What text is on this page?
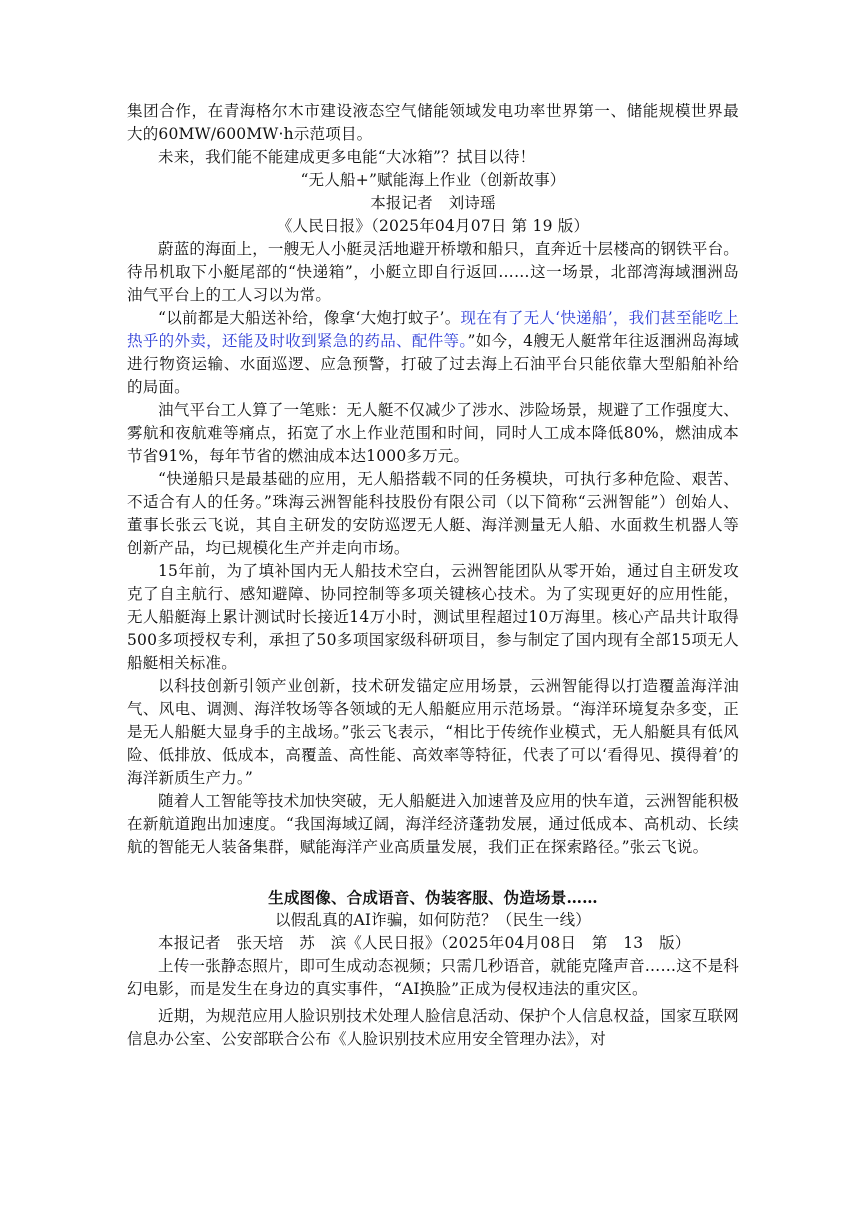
集团合作，在青海格尔木市建设液态空气储能领域发电功率世界第一、储能规模世界最大的60MW/600MW·h示范项目。

未来，我们能不能建成更多电能“大冰箱”？拭目以待！

“无人船+”赋能海上作业（创新故事）

本报记者　刘诗瑶

《人民日报》（2025年04月07日 第 19 版）

蔚蓝的海面上，一艘无人小艇灵活地避开桥墩和船只，直奔近十层楼高的钢铁平台。待吊机取下小艇尾部的“快递箱”，小艇立即自行返回……这一场景，北部湾海域涠洲岛油气平台上的工人习以为常。

“以前都是大船送补给，像拿‘大炮打蚊子’。现在有了无人‘快递船’，我们甚至能吃上热乎的外卖，还能及时收到紧急的药品、配件等。”如今，4艘无人艇常年往返涠洲岛海域进行物资运输、水面巡逻、应急预警，打破了过去海上石油平台只能依靠大型船舶补给的局面。

油气平台工人算了一笔账：无人艇不仅减少了涉水、涉险场景，规避了工作强度大、雾航和夜航难等痛点，拓宽了水上作业范围和时间，同时人工成本降低80%，燃油成本节省91%，每年节省的燃油成本达1000多万元。

“快递船只是最基础的应用，无人船搭载不同的任务模块，可执行多种危险、艰苦、不适合有人的任务。”珠海云洲智能科技股份有限公司（以下简称“云洲智能”）创始人、董事长张云飞说，其自主研发的安防巡逻无人艇、海洋测量无人船、水面救生机器人等创新产品，均已规模化生产并走向市场。

15年前，为了填补国内无人船技术空白，云洲智能团队从零开始，通过自主研发攻克了自主航行、感知避障、协同控制等多项关键核心技术。为了实现更好的应用性能，无人船艇海上累计测试时长接近14万小时，测试里程超过10万海里。核心产品共计取得500多项授权专利，承担了50多项国家级科研项目，参与制定了国内现有全部15项无人船艇相关标准。

以科技创新引领产业创新，技术研发锚定应用场景，云洲智能得以打造覆盖海洋油气、风电、调测、海洋牧场等各领域的无人船艇应用示范场景。“海洋环境复杂多变，正是无人船艇大显身手的主战场。”张云飞表示，“相比于传统作业模式，无人船艇具有低风险、低排放、低成本，高覆盖、高性能、高效率等特征，代表了可以‘看得见、摸得着’的海洋新质生产力。”

随着人工智能等技术加快突破，无人船艇进入加速普及应用的快车道，云洲智能积极在新航道跑出加速度。“我国海域辽阔，海洋经济蓬勃发展，通过低成本、高机动、长续航的智能无人装备集群，赋能海洋产业高质量发展，我们正在探索路径。”张云飞说。

生成图像、合成语音、伪装客服、伪造场景……

以假乱真的AI诈骗，如何防范？（民生一线）

本报记者　张天培　苏　滨《人民日报》（2025年04月08日　第　13　版）

上传一张静态照片，即可生成动态视频；只需几秒语音，就能克隆声音……这不是科幻电影，而是发生在身边的真实事件，“AI换脸”正成为侵权违法的重灾区。

近期，为规范应用人脸识别技术处理人脸信息活动、保护个人信息权益，国家互联网信息办公室、公安部联合公布《人脸识别技术应用安全管理办法》，对
